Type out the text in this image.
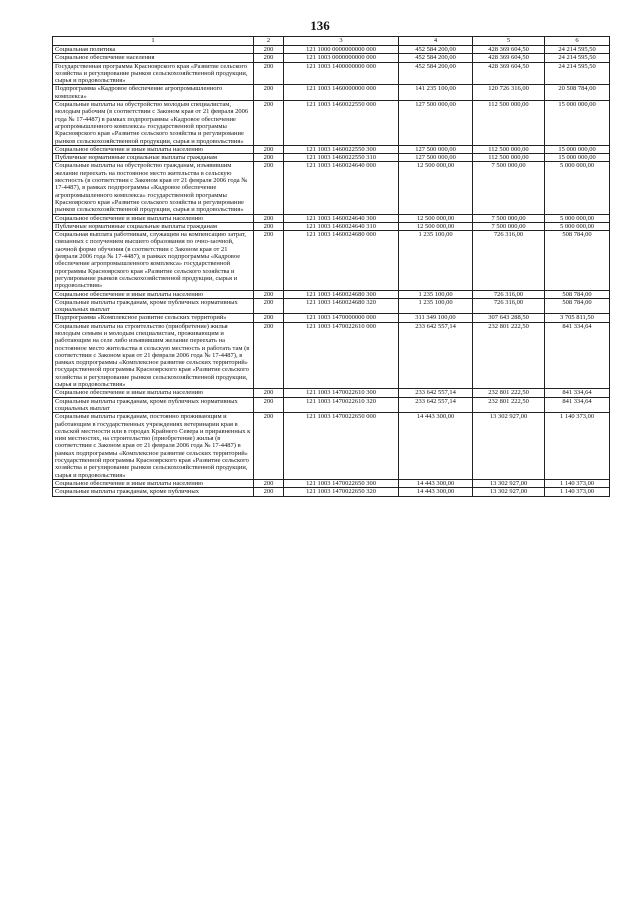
136
1	2	3	4	5	6
Социальная политика	200	121 1000 0000000000 000	452 584 200,00	428 369 604,50	24 214 595,50
Социальное обеспечение населения	200	121 1003 0000000000 000	452 584 200,00	428 369 604,50	24 214 595,50
Государственная программа Красноярского края «Развитие сельского хозяйства и регулирование рынков сельскохозяйственной продукции, сырья и продовольствия»	200	121 1003 1400000000 000	452 584 200,00	428 369 604,50	24 214 595,50
Подпрограмма «Кадровое обеспечение агропромышленного комплекса»	200	121 1003 1460000000 000	141 235 100,00	120 726 316,00	20 508 784,00
Социальные выплаты на обустройство молодым специалистам, молодым рабочим (в соответствии с Законом края от 21 февраля 2006 года № 17-4487) в рамках подпрограммы «Кадровое обеспечение агропромышленного комплекса» государственной программы Красноярского края «Развитие сельского хозяйства и регулирование рынков сельскохозяйственной продукции, сырья и продовольствия»	200	121 1003 1460022550 000	127 500 000,00	112 500 000,00	15 000 000,00
Социальное обеспечение и иные выплаты населению	200	121 1003 1460022550 300	127 500 000,00	112 500 000,00	15 000 000,00
Публичные нормативные социальные выплаты гражданам	200	121 1003 1460022550 310	127 500 000,00	112 500 000,00	15 000 000,00
Социальные выплаты на обустройство гражданам, изъявившим желание переехать на постоянное место жительства в сельскую местность (в соответствии с Законом края от 21 февраля 2006 года № 17-4487), в рамках подпрограммы «Кадровое обеспечение агропромышленного комплекса» государственной программы Красноярского края «Развитие сельского хозяйства и регулирование рынков сельскохозяйственной продукции, сырья и продовольствия»	200	121 1003 1460024640 000	12 500 000,00	7 500 000,00	5 000 000,00
Социальное обеспечение и иные выплаты населению	200	121 1003 1460024640 300	12 500 000,00	7 500 000,00	5 000 000,00
Публичные нормативные социальные выплаты гражданам	200	121 1003 1460024640 310	12 500 000,00	7 500 000,00	5 000 000,00
Социальная выплата работникам, служащим на компенсацию затрат, связанных с получением высшего образования по очно-заочной, заочной форме обучения (в соответствии с Законом края от 21 февраля 2006 года № 17-4487), в рамках подпрограммы «Кадровое обеспечение агропромышленного комплекса» государственной программы Красноярского края «Развитие сельского хозяйства и регулирование рынков сельскохозяйственной продукции, сырья и продовольствия»	200	121 1003 1460024680 000	1 235 100,00	726 316,00	508 784,00
Социальное обеспечение и иные выплаты населению	200	121 1003 1460024680 300	1 235 100,00	726 316,00	508 784,00
Социальные выплаты гражданам, кроме публичных нормативных социальных выплат	200	121 1003 1460024680 320	1 235 100,00	726 316,00	508 784,00
Подпрограмма «Комплексное развитие сельских территорий»	200	121 1003 1470000000 000	311 349 100,00	307 643 288,50	3 705 811,50
Социальные выплаты на строительство (приобретение) жилья молодым семьям и молодым специалистам, проживающим и работающим на селе либо изъявившим желание переехать на постоянное место жительства в сельскую местность и работать там (в соответствии с Законом края от 21 февраля 2006 года № 17-4487), в рамках подпрограммы «Комплексное развитие сельских территорий» государственной программы Красноярского края «Развитие сельского хозяйства и регулирование рынков сельскохозяйственной продукции, сырья и продовольствия»	200	121 1003 1470022610 000	233 642 557,14	232 801 222,50	841 334,64
Социальное обеспечение и иные выплаты населению	200	121 1003 1470022610 300	233 642 557,14	232 801 222,50	841 334,64
Социальные выплаты гражданам, кроме публичных нормативных социальных выплат	200	121 1003 1470022610 320	233 642 557,14	232 801 222,50	841 334,64
Социальные выплаты гражданам, постоянно проживающим и работающим в государственных учреждениях ветеринарии края в сельской местности или в городах Крайнего Севера и приравненных к ним местностях, на строительство (приобретение) жилья (в соответствии с Законом края от 21 февраля 2006 года № 17-4487) в рамках подпрограммы «Комплексное развитие сельских территорий» государственной программы Красноярского края «Развитие сельского хозяйства и регулирование рынков сельскохозяйственной продукции, сырья и продовольствия»	200	121 1003 1470022650 000	14 443 300,00	13 302 927,00	1 140 373,00
Социальное обеспечение и иные выплаты населению	200	121 1003 1470022650 300	14 443 300,00	13 302 927,00	1 140 373,00
Социальные выплаты гражданам, кроме публичных	200	121 1003 1470022650 320	14 443 300,00	13 302 927,00	1 140 373,00
